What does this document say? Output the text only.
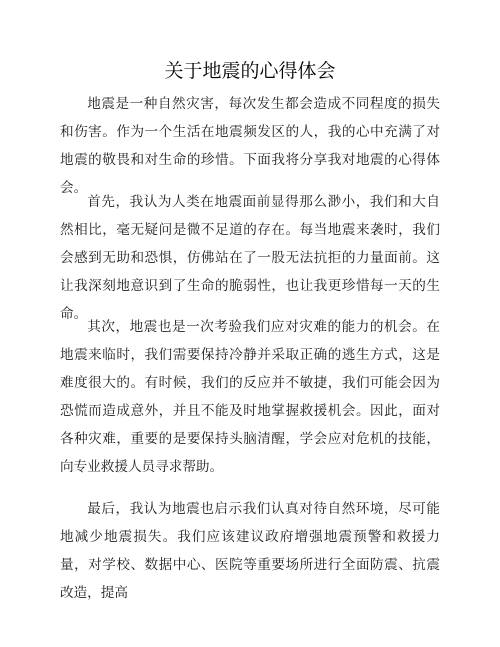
关于地震的心得体会

地震是一种自然灾害，每次发生都会造成不同程度的损失和伤害。作为一个生活在地震频发区的人，我的心中充满了对地震的敬畏和对生命的珍惜。下面我将分享我对地震的心得体会。

首先，我认为人类在地震面前显得那么渺小，我们和大自然相比，毫无疑问是微不足道的存在。每当地震来袭时，我们会感到无助和恐惧，仿佛站在了一股无法抗拒的力量面前。这让我深刻地意识到了生命的脆弱性，也让我更珍惜每一天的生命。

其次，地震也是一次考验我们应对灾难的能力的机会。在地震来临时，我们需要保持冷静并采取正确的逃生方式，这是难度很大的。有时候，我们的反应并不敏捷，我们可能会因为恐慌而造成意外，并且不能及时地掌握救援机会。因此，面对各种灾难，重要的是要保持头脑清醒，学会应对危机的技能，向专业救援人员寻求帮助。

最后，我认为地震也启示我们认真对待自然环境，尽可能地减少地震损失。我们应该建议政府增强地震预警和救援力量，对学校、数据中心、医院等重要场所进行全面防震、抗震改造，提高
